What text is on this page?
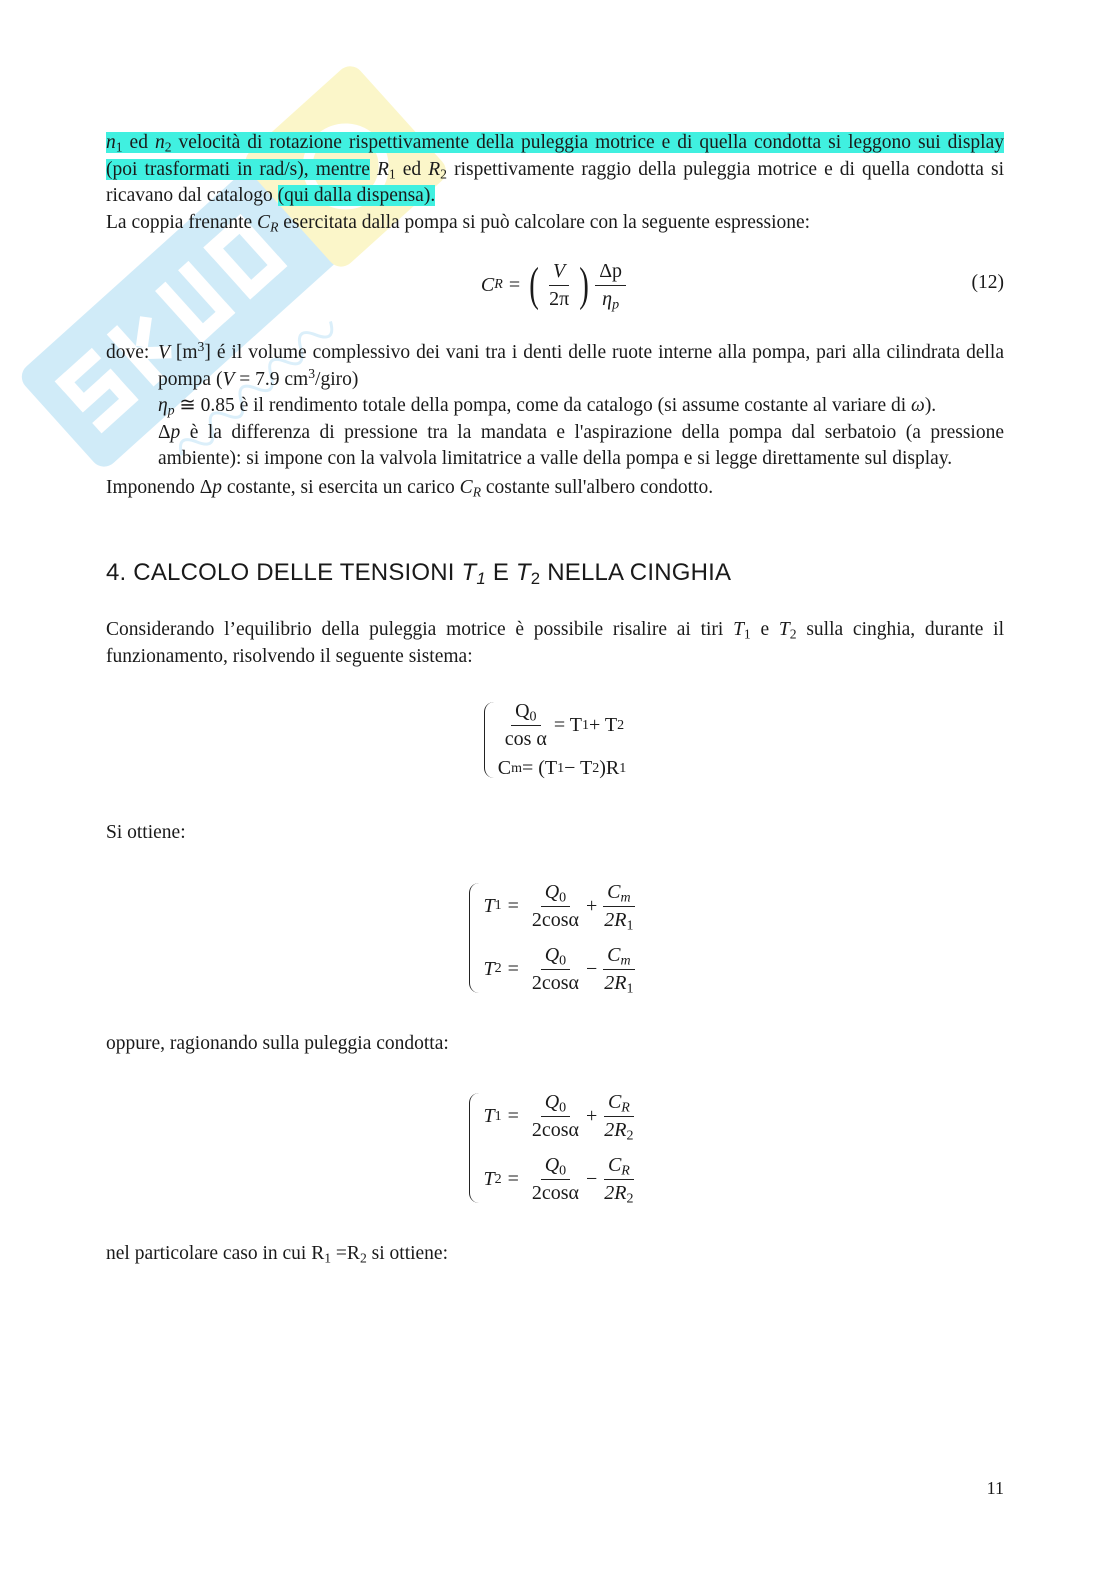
$n_1$ ed $n_2$ velocità di rotazione rispettivamente della puleggia motrice e di quella condotta si leggono sui display (poi trasformati in rad/s), mentre $R_1$ ed $R_2$ rispettivamente raggio della puleggia motrice e di quella condotta si ricavano dal catalogo (qui dalla dispensa).

La coppia frenante $C_R$ esercitata dalla pompa si può calcolare con la seguente espressione:

C R = ( $\frac{V}{2\pi}$ ) $\frac{\Delta p}{\eta_p}$	(12)
dove: V $[m^3]$ é il volume complessivo dei vani tra i denti delle ruote interne alla pompa, pari alla cilindrata della pompa (V = 7.9 $cm^3/giro$)

$\eta_p$ ≅ 0.85 è il rendimento totale della pompa, come da catalogo (si assume costante al variare di ω).

Δp è la differenza di pressione tra la mandata e l'aspirazione della pompa dal serbatoio (a pressione ambiente): si impone con la valvola limitatrice a valle della pompa e si legge direttamente sul display.

Imponendo Δp costante, si esercita un carico $C_R$ costante sull'albero condotto.

4. CALCOLO DELLE TENSIONI $T_1$ E $T_2$ NELLA CINGHIA

Considerando l’equilibrio della puleggia motrice è possibile risalire ai tiri $T_1$ e $T_2$ sulla cinghia, durante il funzionamento, risolvendo il seguente sistema:

$\frac{Q_0}{\text{cos α}} = T$ 1 + T 2
C m = (T 1 − T 2 )R 1

Si ottiene:

T $1 = \frac{Q_0}{2\cos\alpha} + \frac{C_m}{2R_1}$
T $2 = \frac{Q_0}{2\cos\alpha} - \frac{C_m}{2R_1}$

oppure, ragionando sulla puleggia condotta:

T $1 = \frac{Q_0}{2\cos\alpha} + \frac{C_R}{2R_2}$
T $2 = \frac{Q_0}{2\cos\alpha} - \frac{C_R}{2R_2}$

nel particolare caso in cui $R_1 =R_2$ si ottiene:

11
